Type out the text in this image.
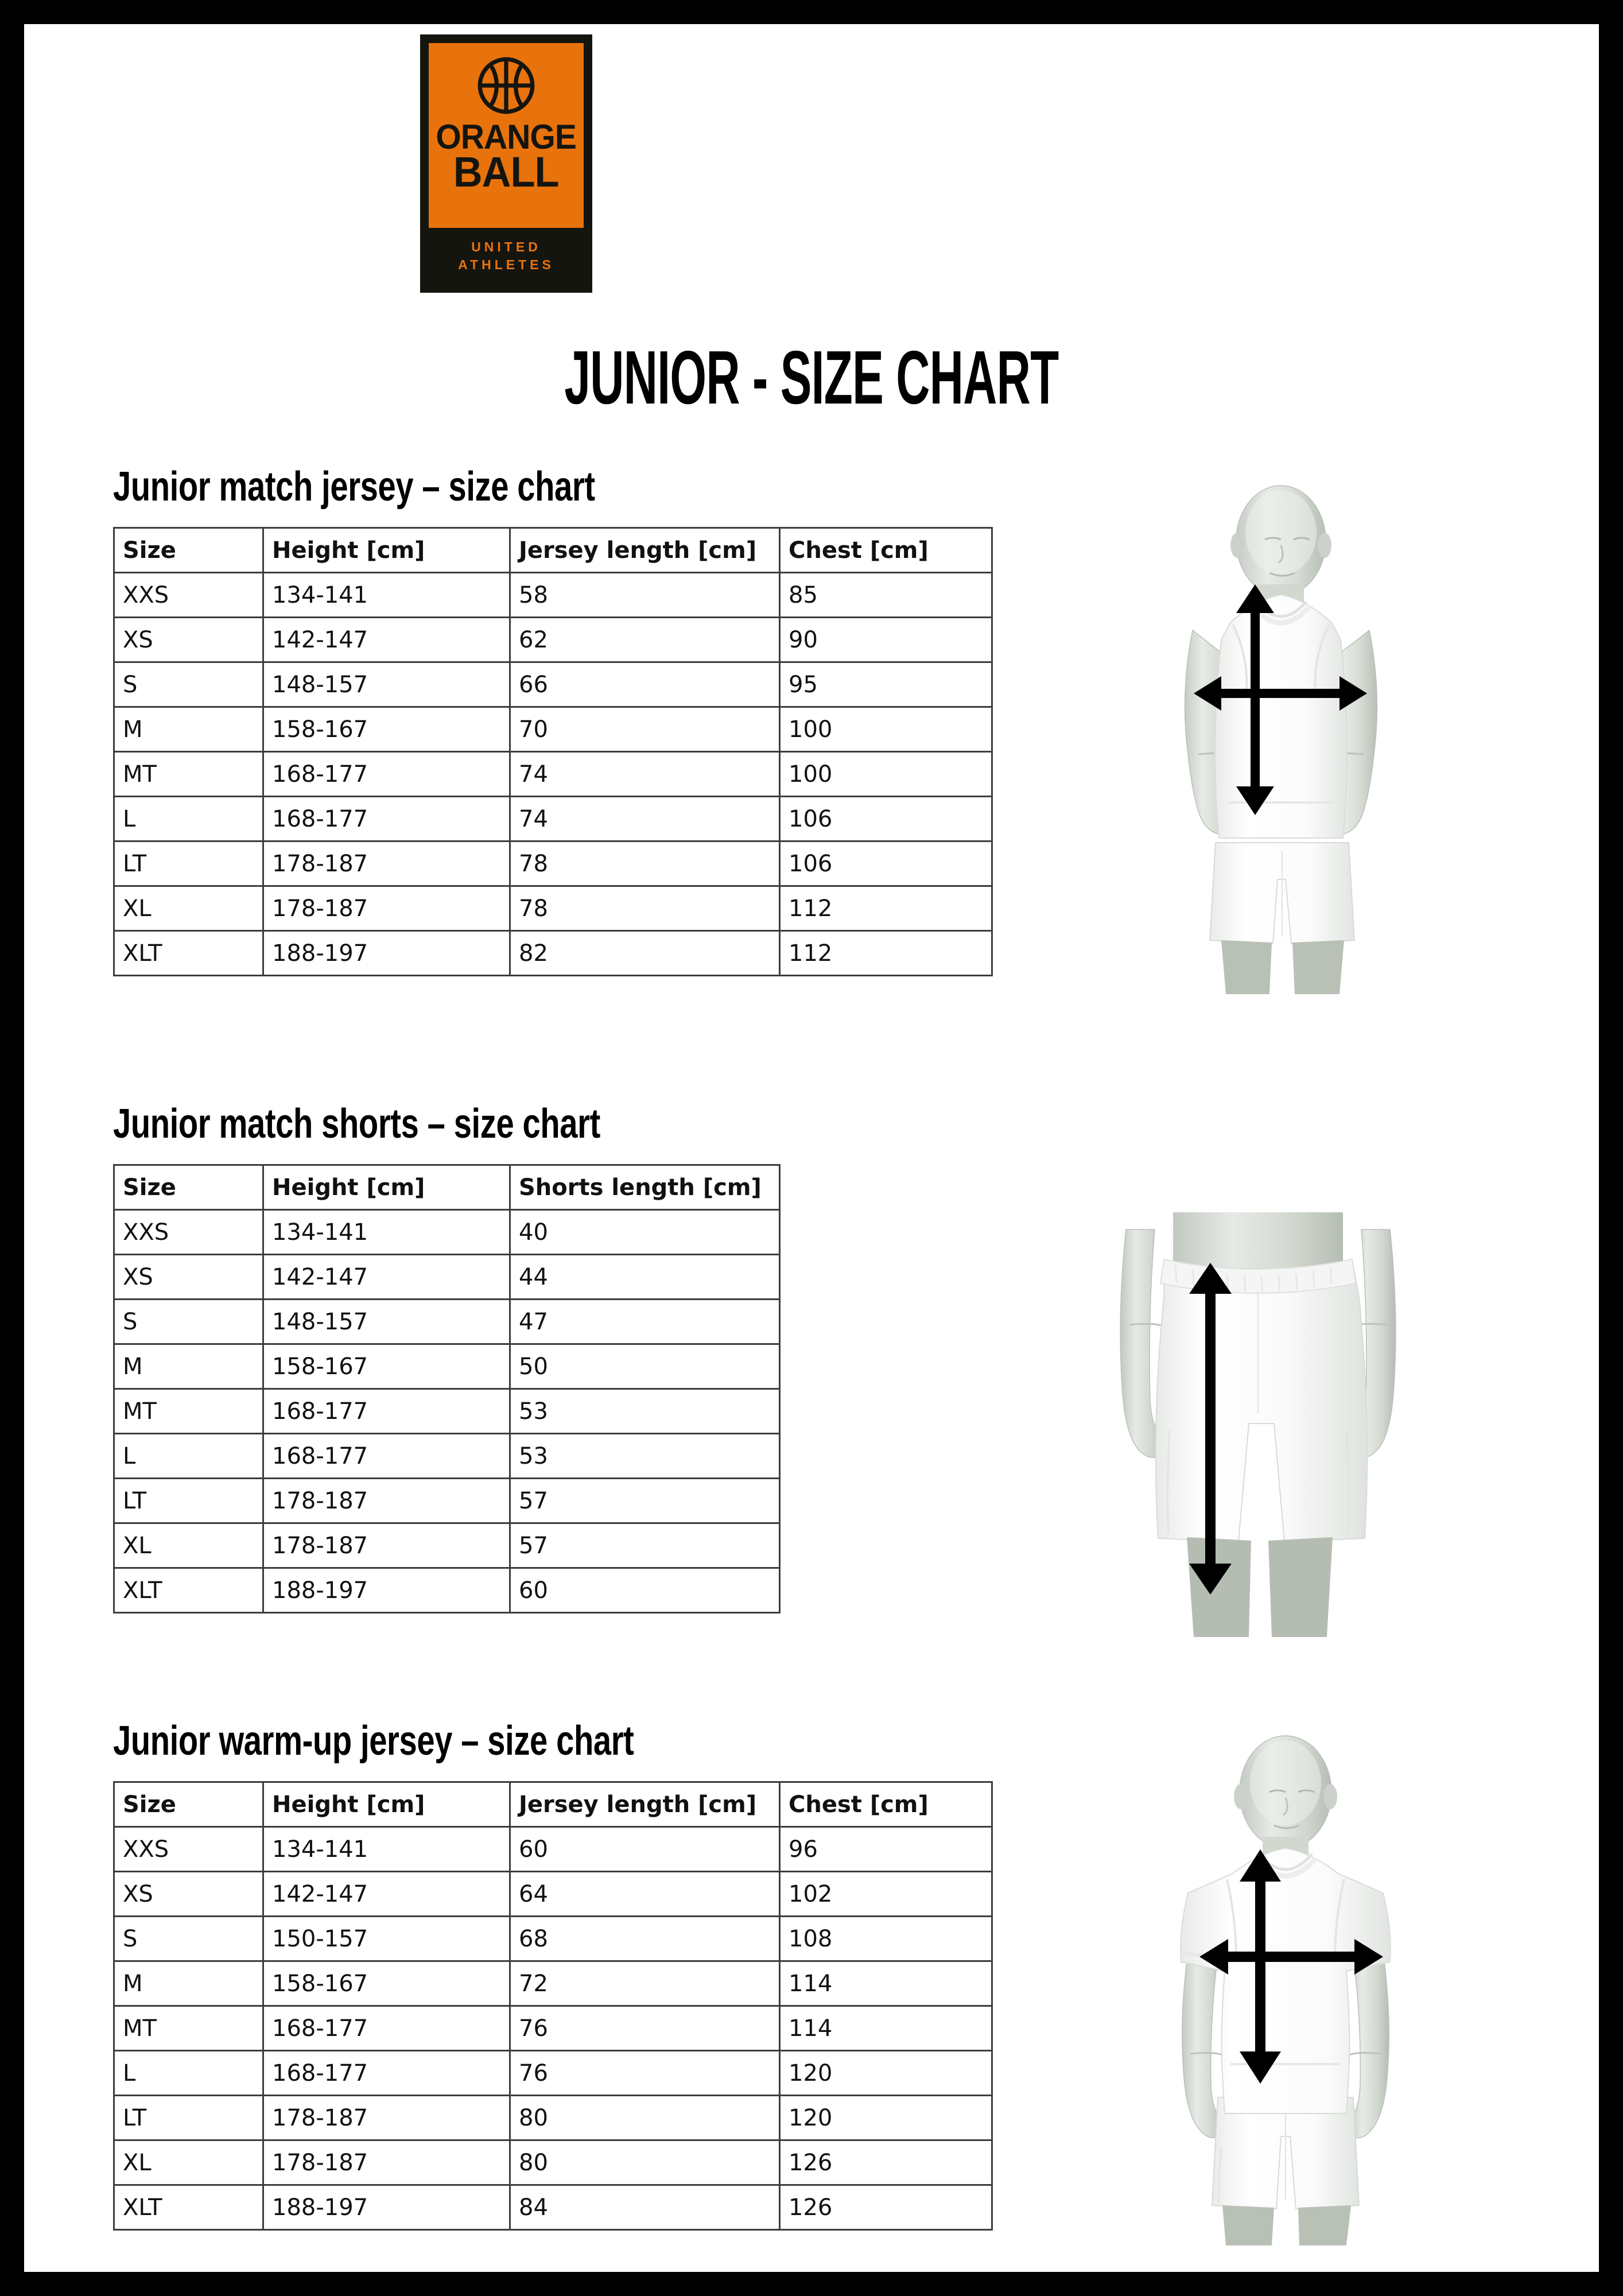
ORANGE
BALL
UNITED
ATHLETES
JUNIOR - SIZE CHART
Junior match jersey – size chart
Size	Height [cm]	Jersey length [cm]	Chest [cm]
XXS	134-141	58	85
XS	142-147	62	90
S	148-157	66	95
M	158-167	70	100
MT	168-177	74	100
L	168-177	74	106
LT	178-187	78	106
XL	178-187	78	112
XLT	188-197	82	112
Junior match shorts – size chart
Size	Height [cm]	Shorts length [cm]
XXS	134-141	40
XS	142-147	44
S	148-157	47
M	158-167	50
MT	168-177	53
L	168-177	53
LT	178-187	57
XL	178-187	57
XLT	188-197	60
Junior warm-up jersey – size chart
Size	Height [cm]	Jersey length [cm]	Chest [cm]
XXS	134-141	60	96
XS	142-147	64	102
S	150-157	68	108
M	158-167	72	114
MT	168-177	76	114
L	168-177	76	120
LT	178-187	80	120
XL	178-187	80	126
XLT	188-197	84	126
